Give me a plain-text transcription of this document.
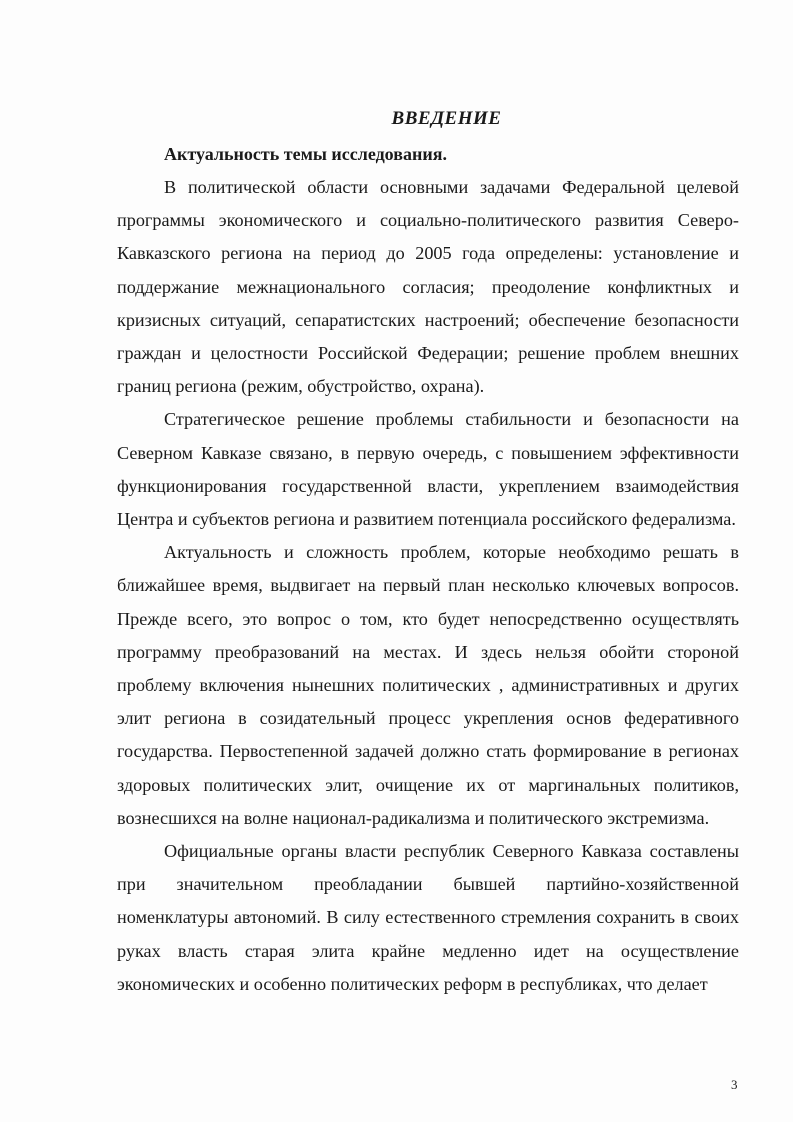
ВВЕДЕНИЕ
Актуальность темы исследования.

В политической области основными задачами Федеральной целевой программы экономического и социально-политического развития Северо-Кавказского региона на период до 2005 года определены: установление и поддержание межнационального согласия; преодоление конфликтных и кризисных ситуаций, сепаратистских настроений; обеспечение безопасности граждан и целостности Российской Федерации; решение проблем внешних границ региона (режим, обустройство, охрана).

Стратегическое решение проблемы стабильности и безопасности на Северном Кавказе связано, в первую очередь, с повышением эффективности функционирования государственной власти, укреплением взаимодействия Центра и субъектов региона и развитием потенциала российского федерализма.

Актуальность и сложность проблем, которые необходимо решать в ближайшее время, выдвигает на первый план несколько ключевых вопросов. Прежде всего, это вопрос о том, кто будет непосредственно осуществлять программу преобразований на местах. И здесь нельзя обойти стороной проблему включения нынешних политических , административных и других элит региона в созидательный процесс укрепления основ федеративного государства. Первостепенной задачей должно стать формирование в регионах здоровых политических элит, очищение их от маргинальных политиков, вознесшихся на волне национал-радикализма и политического экстремизма.

Официальные органы власти республик Северного Кавказа составлены при значительном преобладании бывшей партийно-хозяйственной номенклатуры автономий. В силу естественного стремления сохранить в своих руках власть старая элита крайне медленно идет на осуществление экономических и особенно политических реформ в республиках, что делает

3
